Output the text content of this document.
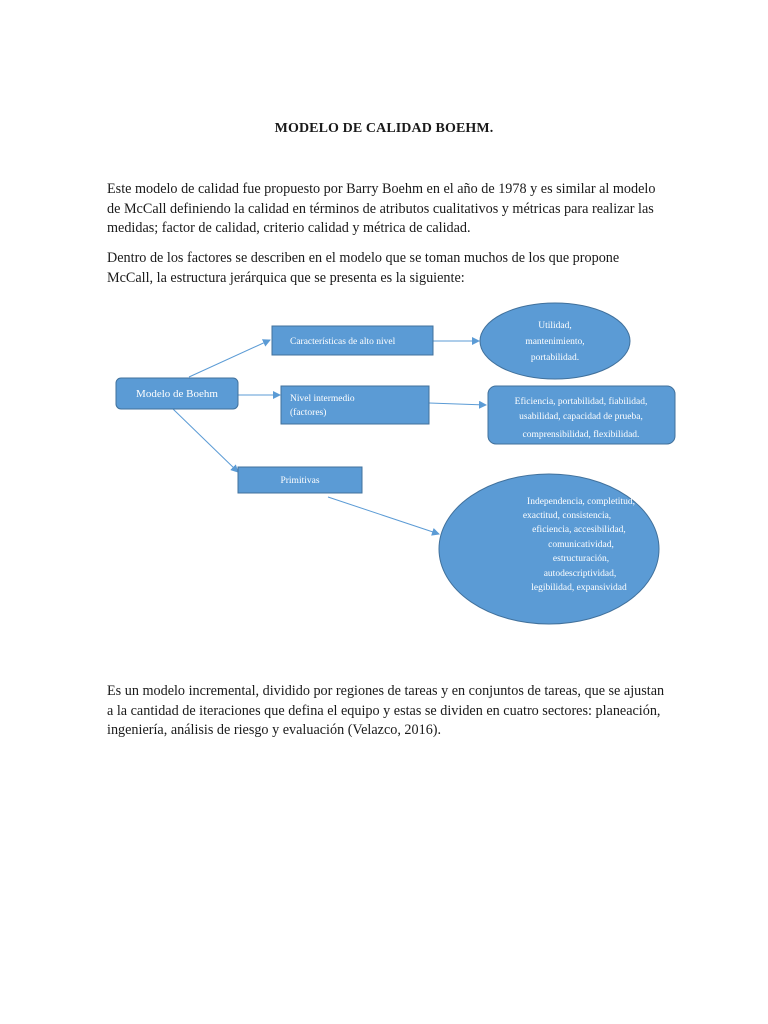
MODELO DE CALIDAD BOEHM.

Este modelo de calidad fue propuesto por Barry Boehm en el año de 1978 y es similar al modelo de McCall definiendo la calidad en términos de atributos cualitativos y métricas para realizar las medidas; factor de calidad, criterio calidad y métrica de calidad.

Dentro de los factores se describen en el modelo que se toman muchos de los que propone McCall, la estructura jerárquica que se presenta es la siguiente:

Modelo de Boehm
Características de alto nivel
Nivel intermedio
(factores)
Primitivas
Utilidad,
mantenimiento,
portabilidad.
Eficiencia, portabilidad, fiabilidad,
usabilidad, capacidad de prueba,
comprensibilidad, flexibilidad.
Independencia, completitud,
exactitud, consistencia,
eficiencia, accesibilidad,
comunicatividad,
estructuración,
autodescriptividad,
legibilidad, expansividad

Es un modelo incremental, dividido por regiones de tareas y en conjuntos de tareas, que se ajustan a la cantidad de iteraciones que defina el equipo y estas se dividen en cuatro sectores: planeación, ingeniería, análisis de riesgo y evaluación (Velazco, 2016).
